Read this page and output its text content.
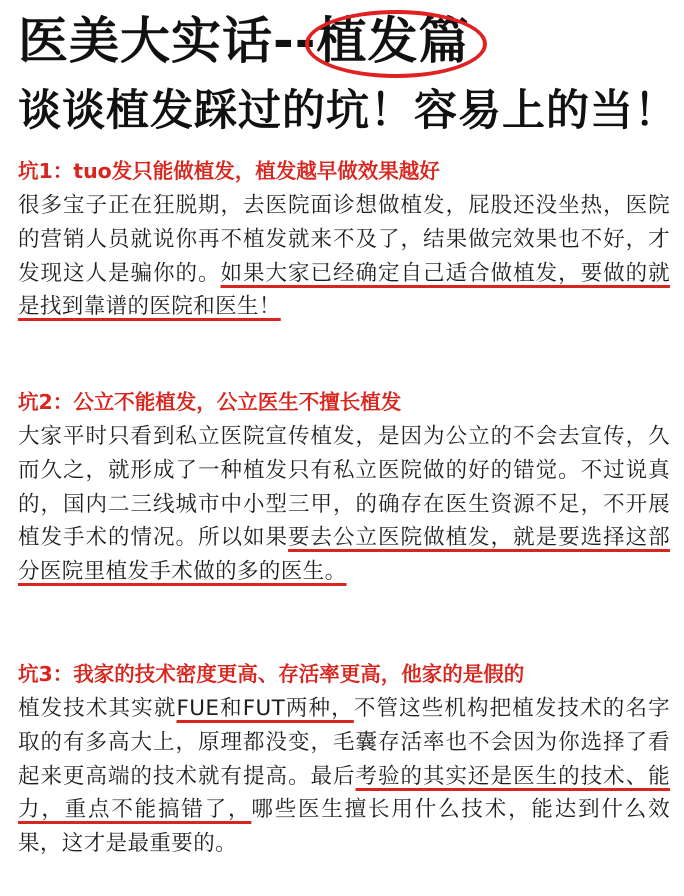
医美大实话--
植发篇
谈谈植发踩过的坑！容易上的当！

坑1：tuo发只能做植发，植发越早做效果越好

很多宝子正在狂脱期，去医院面诊想做植发，屁股还没坐热，医院的营销人员就说你再不植发就来不及了，结果做完效果也不好，才发现这人是骗你的。如果大家已经确定自己适合做植发，要做的就是找到靠谱的医院和医生！

坑2：公立不能植发，公立医生不擅长植发

大家平时只看到私立医院宣传植发，是因为公立的不会去宣传，久而久之，就形成了一种植发只有私立医院做的好的错觉。不过说真的，国内二三线城市中小型三甲，的确存在医生资源不足，不开展植发手术的情况。所以如果要去公立医院做植发，就是要选择这部分医院里植发手术做的多的医生。

坑3：我家的技术密度更高、存活率更高，他家的是假的

植发技术其实就FUE和FUT两种，不管这些机构把植发技术的名字取的有多高大上，原理都没变，毛囊存活率也不会因为你选择了看起来更高端的技术就有提高。最后考验的其实还是医生的技术、能力，重点不能搞错了，哪些医生擅长用什么技术，能达到什么效果，这才是最重要的。
